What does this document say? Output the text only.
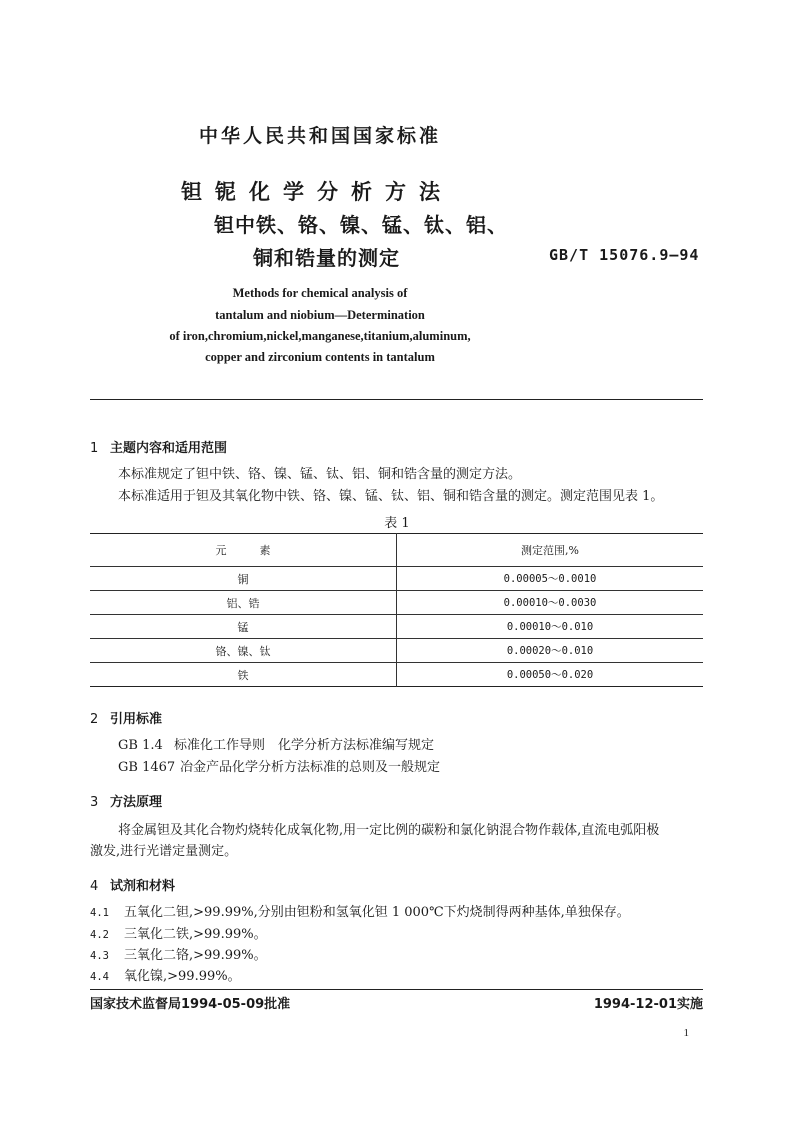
中华人民共和国国家标准
钽铌化学分析方法
钽中铁、铬、镍、锰、钛、铝、
铜和锆量的测定	GB/T 15076.9—94
Methods for chemical analysis of
tantalum and niobium—Determination
of iron,chromium,nickel,manganese,titanium,aluminum,
copper and zirconium contents in tantalum
1 主题内容和适用范围
本标准规定了钽中铁、铬、镍、锰、钛、铝、铜和锆含量的测定方法。
本标准适用于钽及其氧化物中铁、铬、镍、锰、钛、铝、铜和锆含量的测定。测定范围见表 1。
表 1
元　　　素	测定范围,%
铜	0.00005～0.0010
铝、锆	0.00010～0.0030
锰	0.00010～0.010
铬、镍、钛	0.00020～0.010
铁	0.00050～0.020
2 引用标准
GB 1.4 标准化工作导则　化学分析方法标准编写规定
GB 1467 冶金产品化学分析方法标准的总则及一般规定
3 方法原理
将金属钽及其化合物灼烧转化成氧化物,用一定比例的碳粉和氯化钠混合物作载体,直流电弧阳极
激发,进行光谱定量测定。
4 试剂和材料
4.1 五氧化二钽,>99.99%,分别由钽粉和氢氧化钽 1 000℃下灼烧制得两种基体,单独保存。
4.2 三氧化二铁,>99.99%。
4.3 三氧化二铬,>99.99%。
4.4 氧化镍,>99.99%。
国家技术监督局1994-05-09批准	1994-12-01实施
1
